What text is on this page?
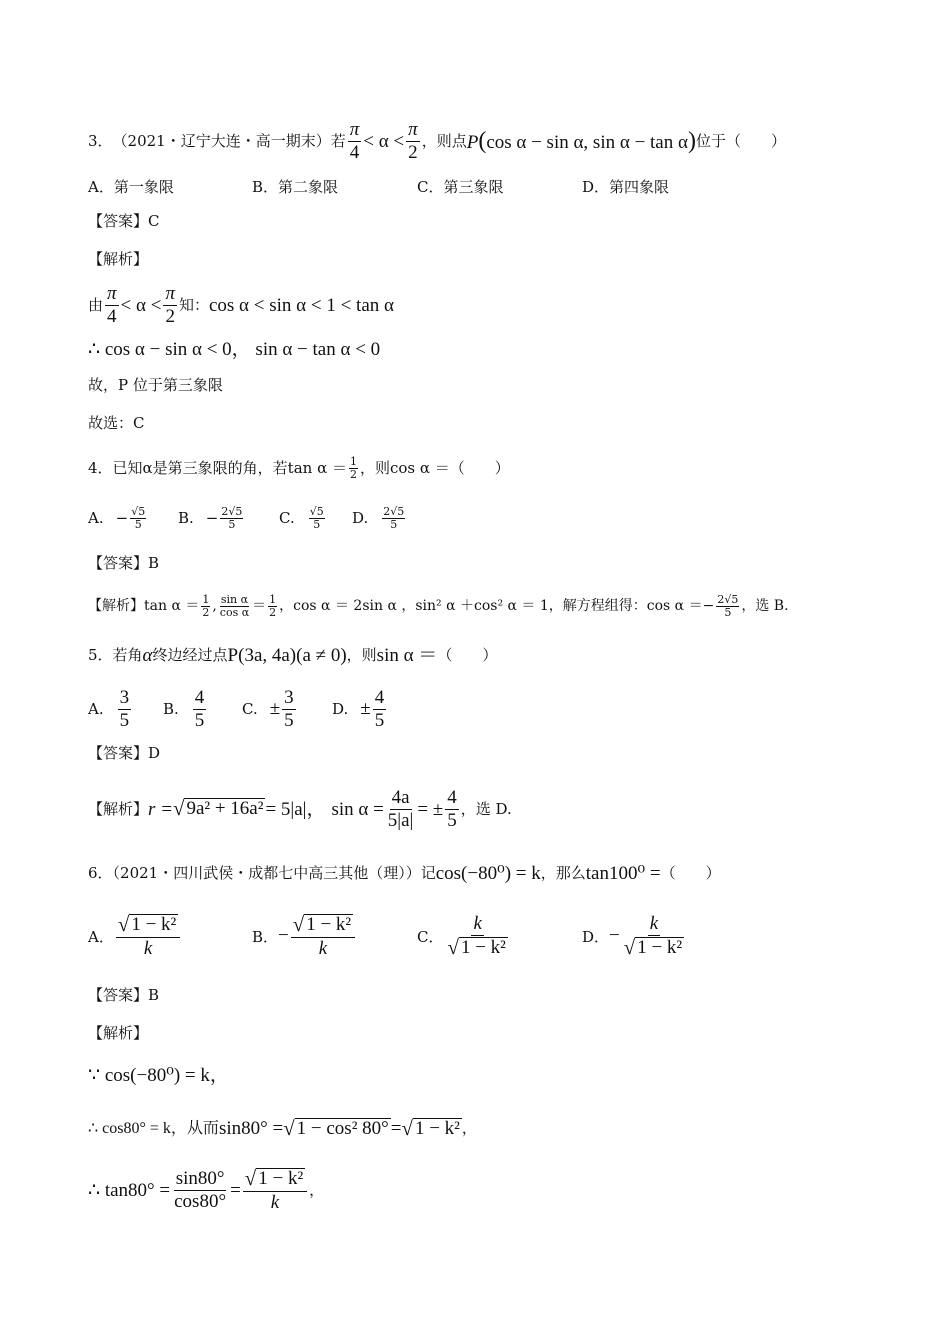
3． （2021・辽宁大连・高一期末）若 $\frac{\pi}{4} < \alpha < \frac{\pi}{2}$ ，则点 P(cos α − sin α, sin α − tan α) 位于（　　）
A．第一象限	B．第二象限	C．第三象限	D．第四象限
【答案】C
【解析】
由 $\frac{\pi}{4} < \alpha < \frac{\pi}{2}$ 知： cos α < sin α < 1 < tan α
∴ cos α − sin α < 0， sin α − tan α < 0
故，P 位于第三象限
故选：C
4．已知α是第三象限的角，若$\tan \alpha = \frac{1}{2}$ ，则cos α ＝（　　）
A. − $\frac{√5}{5} B$. − $\frac{2√5}{5} C$. $\frac{√5}{5} D$. $\frac{2√5}{5}$
【答案】B
【解析】$\tan \alpha = \frac{1}{2}$ , $\frac{\text{sin α}}{\text{cos α}} = \frac{1}{2}$ ，cos α ＝ 2sin α ，sin² α ＋cos² α ＝ 1，解方程组得：$\cos \alpha =- \frac{2√5}{5}$ ，选 B.
5．若角 α 终边经过点 P(3a, 4a)(a ≠ 0) ，则 sin α ＝ （　　）
A. $\frac{3}{5} B$. $\frac{4}{5} C$. ± $\frac{3}{5} D$. ± $\frac{4}{5}$
【答案】D
【解析】 r = √ 9a² + 16a² = 5|a|， $\sin \alpha = \frac{4a}{5|a|}$ = ± $\frac{4}{5}$ ，选 D.
6．（2021・四川武侯・成都七中高三其他（理））记 cos(−80⁰) = k ，那么 tan100⁰ = （　　）
A． $\frac{\text{√ 1 − k²}}{k}$	B． − $\frac{\text{√ 1 − k²}}{k}$	C． $\frac{k}{\text{√ 1 − k²}}$	D． − $\frac{k}{\text{√ 1 − k²}}$
【答案】B
【解析】
∵ cos(−80⁰) = k，
∴ cos80° = k，从而 sin80° = √ 1 − cos² 80° = √ 1 − k² ，
∴ $\tan 80^\circ = \frac{\sin 80^\circ}{\cos 80^\circ} = \frac{\text{√ 1 − k²}}{k}$ ，
